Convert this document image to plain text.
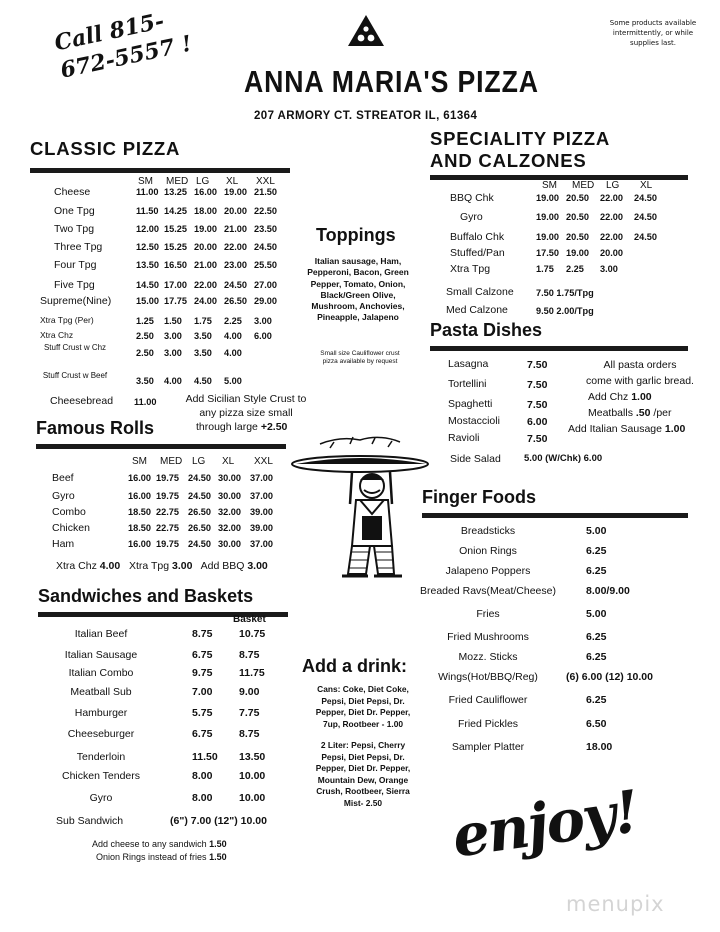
Call 815-672-5557 !
Some products available intermittently, or while supplies last.
ANNA MARIA'S PIZZA
207 ARMORY CT. STREATOR IL, 61364
CLASSIC PIZZA
SM MED LG XL XXL
Cheese	11.00 13.25 16.00 19.00 21.50
One Tpg	11.50 14.25 18.00 20.00 22.50
Two Tpg	12.00 15.25 19.00 21.00 23.50
Three Tpg	12.50 15.25 20.00 22.00 24.50
Four Tpg	13.50 16.50 21.00 23.00 25.50
Five Tpg	14.50 17.00 22.00 24.50 27.00
Supreme(Nine)	15.00 17.75 24.00 26.50 29.00
Xtra Tpg (Per)	1.25 1.50 1.75 2.25 3.00
Xtra Chz	2.50 3.00 3.50 4.00 6.00
Stuff Crust w Chz
2.50 3.00 3.50 4.00
Stuff Crust w Beef
3.50 4.00 4.50 5.00
Cheesebread 11.00	Add Sicilian Style Crust to
any pizza size small
through large +2.50
Toppings
Italian sausage, Ham, Pepperoni, Bacon, Green Pepper, Tomato, Onion, Black/Green Olive, Mushroom, Anchovies, Pineapple, Jalapeno
Small size Cauliflower crust pizza available by request
Famous Rolls
SM MED LG XL XXL
Beef	16.00 19.75 24.50 30.00 37.00
Gyro	16.00 19.75 24.50 30.00 37.00
Combo	18.50 22.75 26.50 32.00 39.00
Chicken	18.50 22.75 26.50 32.00 39.00
Ham	16.00 19.75 24.50 30.00 37.00
Xtra Chz 4.00 Xtra Tpg 3.00 Add BBQ 3.00
Sandwiches and Baskets
Basket
Italian Beef	8.75	10.75
Italian Sausage	6.75	8.75
Italian Combo	9.75	11.75
Meatball Sub	7.00	9.00
Hamburger	5.75	7.75
Cheeseburger	6.75	8.75
Tenderloin	11.50 13.50
Chicken Tenders	8.00	10.00
Gyro	8.00	10.00
Sub Sandwich	(6") 7.00 (12") 10.00
Add cheese to any sandwich 1.50
Onion Rings instead of fries 1.50
Add a drink:
Cans: Coke, Diet Coke, Pepsi, Diet Pepsi, Dr. Pepper, Diet Dr. Pepper, 7up, Rootbeer - 1.00
2 Liter: Pepsi, Cherry Pepsi, Diet Pepsi, Dr. Pepper, Diet Dr. Pepper, Mountain Dew, Orange Crush, Rootbeer, Sierra Mist- 2.50
SPECIALITY PIZZA
AND CALZONES
SM MED LG XL
BBQ Chk	19.00 20.50 22.00 24.50
Gyro	19.00 20.50 22.00 24.50
Buffalo Chk	19.00 20.50 22.00 24.50
Stuffed/Pan	17.50 19.00 20.00
Xtra Tpg	1.75 2.25 3.00
Small Calzone 7.50 1.75/Tpg
Med Calzone	9.50 2.00/Tpg
Pasta Dishes
Lasagna	7.50
Tortellini	7.50
Spaghetti	7.50
Mostaccioli	6.00
Ravioli	7.50
Side Salad 5.00 (W/Chk) 6.00
All pasta orders
come with garlic bread.
Add Chz 1.00
Meatballs .50 /per
Add Italian Sausage 1.00
Finger Foods
Breadsticks	5.00
Onion Rings	6.25
Jalapeno Poppers	6.25
Breaded Ravs(Meat/Cheese)	8.00/9.00
Fries	5.00
Fried Mushrooms	6.25
Mozz. Sticks	6.25
Wings(Hot/BBQ/Reg)	(6) 6.00 (12) 10.00
Fried Cauliflower	6.25
Fried Pickles	6.50
Sampler Platter	18.00
enjoy!
menupix
